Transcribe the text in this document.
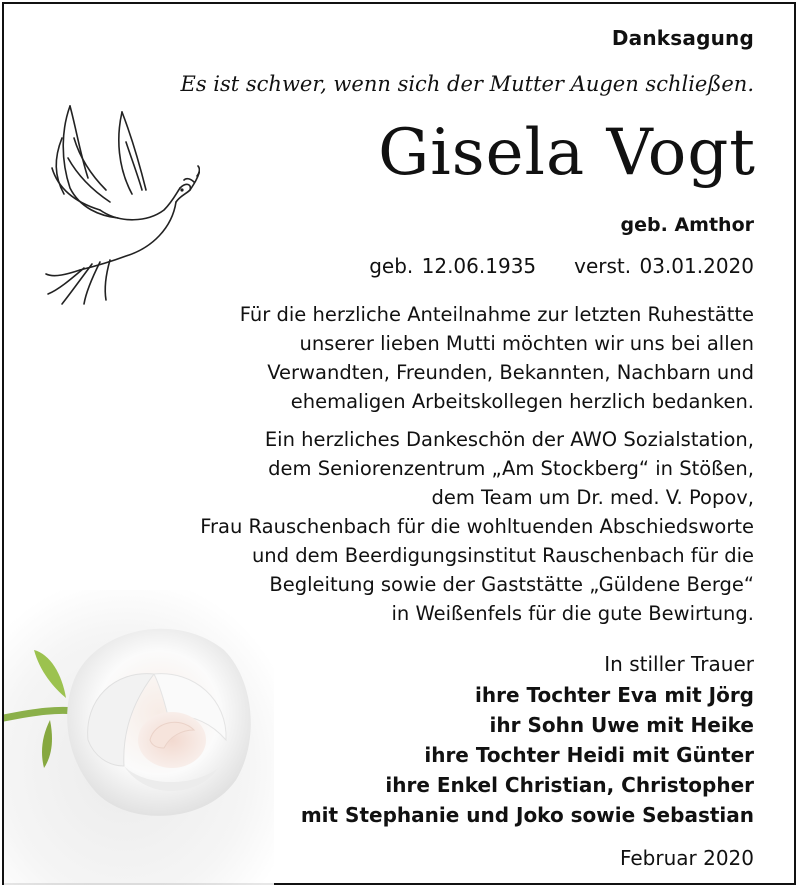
Danksagung
Es ist schwer, wenn sich der Mutter Augen schließen.
Gisela Vogt
geb. Amthor
geb. 12.06.1935 verst. 03.01.2020
Für die herzliche Anteilnahme zur letzten Ruhestätte
unserer lieben Mutti möchten wir uns bei allen
Verwandten, Freunden, Bekannten, Nachbarn und
ehemaligen Arbeitskollegen herzlich bedanken.
Ein herzliches Dankeschön der AWO Sozialstation,
dem Seniorenzentrum „Am Stockberg“ in Stößen,
dem Team um Dr. med. V. Popov,
Frau Rauschenbach für die wohltuenden Abschiedsworte
und dem Beerdigungsinstitut Rauschenbach für die
Begleitung sowie der Gaststätte „Güldene Berge“
in Weißenfels für die gute Bewirtung.
In stiller Trauer
ihre Tochter Eva mit Jörg
ihr Sohn Uwe mit Heike
ihre Tochter Heidi mit Günter
ihre Enkel Christian, Christopher
mit Stephanie und Joko sowie Sebastian
Februar 2020
